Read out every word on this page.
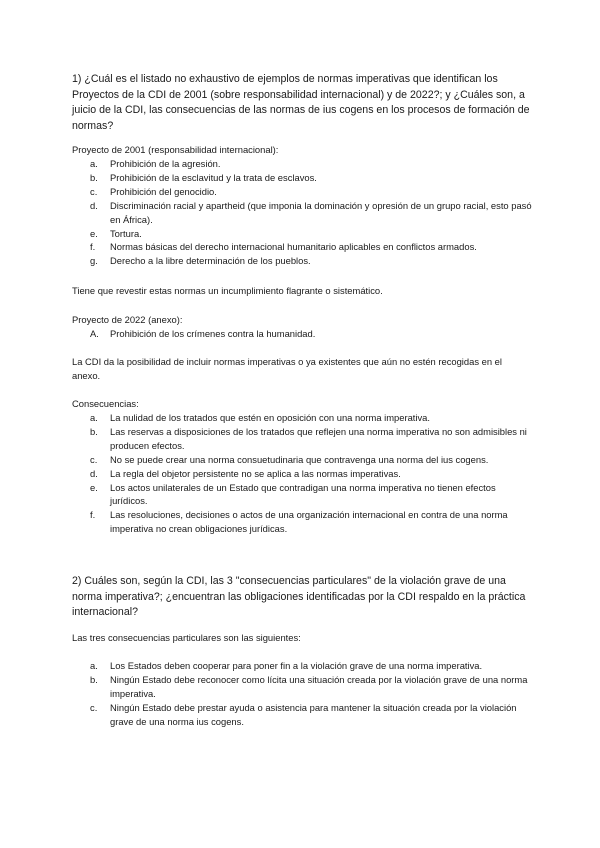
1) ¿Cuál es el listado no exhaustivo de ejemplos de normas imperativas que identifican los Proyectos de la CDI de 2001 (sobre responsabilidad internacional) y de 2022?; y ¿Cuáles son, a juicio de la CDI, las consecuencias de las normas de ius cogens en los procesos de formación de normas?
Proyecto de 2001 (responsabilidad internacional):
a.	Prohibición de la agresión.
b.	Prohibición de la esclavitud y la trata de esclavos.
c.	Prohibición del genocidio.
d.	Discriminación racial y apartheid (que imponia la dominación y opresión de un grupo racial, esto pasó en África).
e.	Tortura.
f.	Normas básicas del derecho internacional humanitario aplicables en conflictos armados.
g.	Derecho a la libre determinación de los pueblos.
Tiene que revestir estas normas un incumplimiento flagrante o sistemático.
Proyecto de 2022 (anexo):
A.	Prohibición de los crímenes contra la humanidad.
La CDI da la posibilidad de incluir normas imperativas o ya existentes que aún no estén recogidas en el anexo.
Consecuencias:
a.	La nulidad de los tratados que estén en oposición con una norma imperativa.
b.	Las reservas a disposiciones de los tratados que reflejen una norma imperativa no son admisibles ni producen efectos.
c.	No se puede crear una norma consuetudinaria que contravenga una norma del ius cogens.
d.	La regla del objetor persistente no se aplica a las normas imperativas.
e.	Los actos unilaterales de un Estado que contradigan una norma imperativa no tienen efectos jurídicos.
f.	Las resoluciones, decisiones o actos de una organización internacional en contra de una norma imperativa no crean obligaciones jurídicas.
2) Cuáles son, según la CDI, las 3 "consecuencias particulares" de la violación grave de una norma imperativa?; ¿encuentran las obligaciones identificadas por la CDI respaldo en la práctica internacional?
Las tres consecuencias particulares son las siguientes:
a.	Los Estados deben cooperar para poner fin a la violación grave de una norma imperativa.
b.	Ningún Estado debe reconocer como lícita una situación creada por la violación grave de una norma imperativa.
c.	Ningún Estado debe prestar ayuda o asistencia para mantener la situación creada por la violación grave de una norma ius cogens.
